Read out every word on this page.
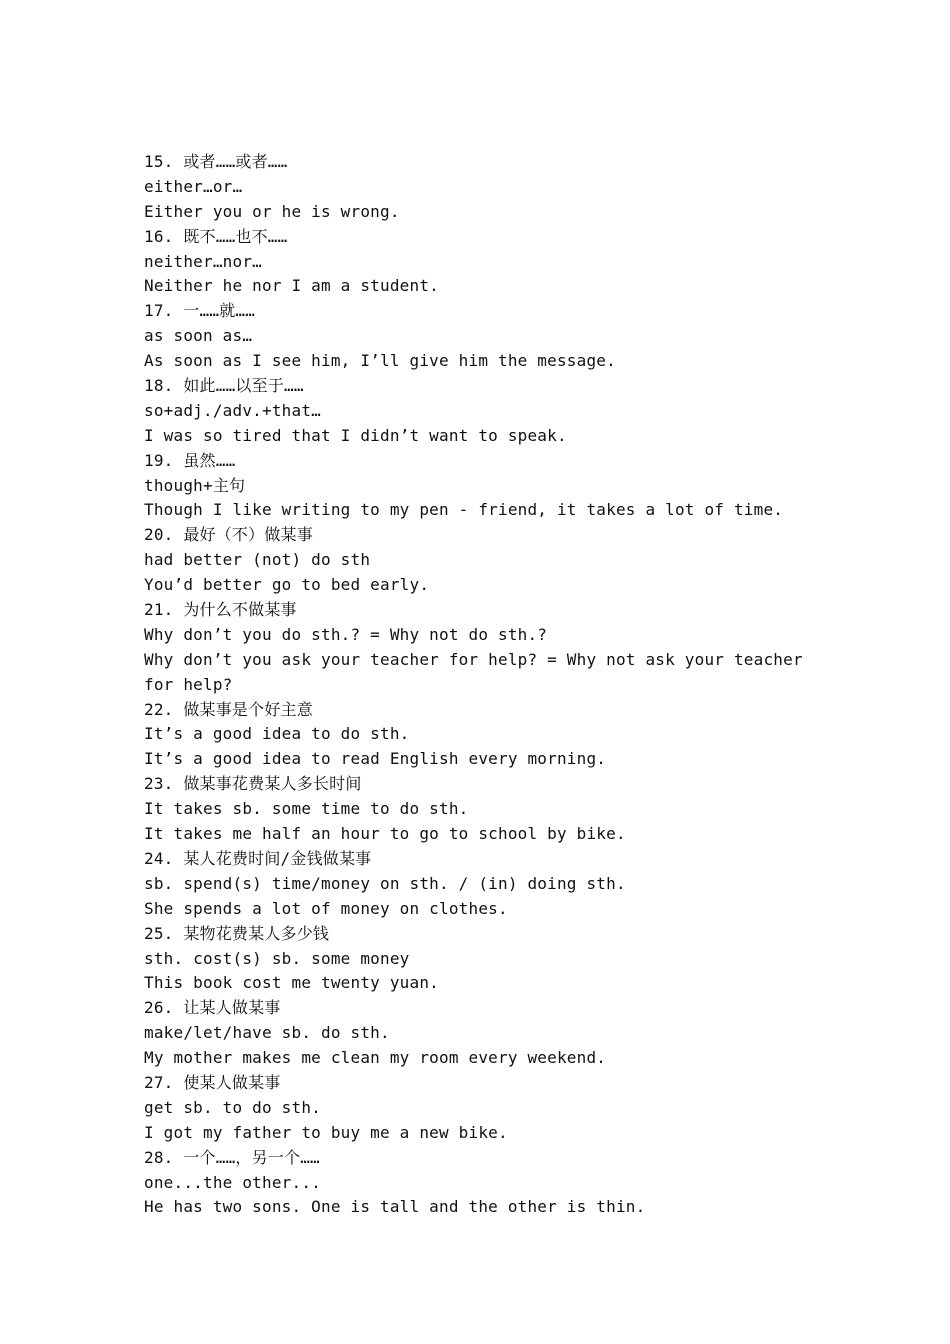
15. 或者……或者……
either…or…
Either you or he is wrong.
16. 既不……也不……
neither…nor…
Neither he nor I am a student.
17. 一……就……
as soon as…
As soon as I see him, I’ll give him the message.
18. 如此……以至于……
so+adj./adv.+that…
I was so tired that I didn’t want to speak.
19. 虽然……
though+主句
Though I like writing to my pen - friend, it takes a lot of time.
20. 最好（不）做某事
had better (not) do sth
You’d better go to bed early.
21. 为什么不做某事
Why don’t you do sth.? = Why not do sth.?
Why don’t you ask your teacher for help? = Why not ask your teacher
for help?
22. 做某事是个好主意
It’s a good idea to do sth.
It’s a good idea to read English every morning.
23. 做某事花费某人多长时间
It takes sb. some time to do sth.
It takes me half an hour to go to school by bike.
24. 某人花费时间/金钱做某事
sb. spend(s) time/money on sth. / (in) doing sth.
She spends a lot of money on clothes.
25. 某物花费某人多少钱
sth. cost(s) sb. some money
This book cost me twenty yuan.
26. 让某人做某事
make/let/have sb. do sth.
My mother makes me clean my room every weekend.
27. 使某人做某事
get sb. to do sth.
I got my father to buy me a new bike.
28. 一个……，另一个……
one...the other...
He has two sons. One is tall and the other is thin.
